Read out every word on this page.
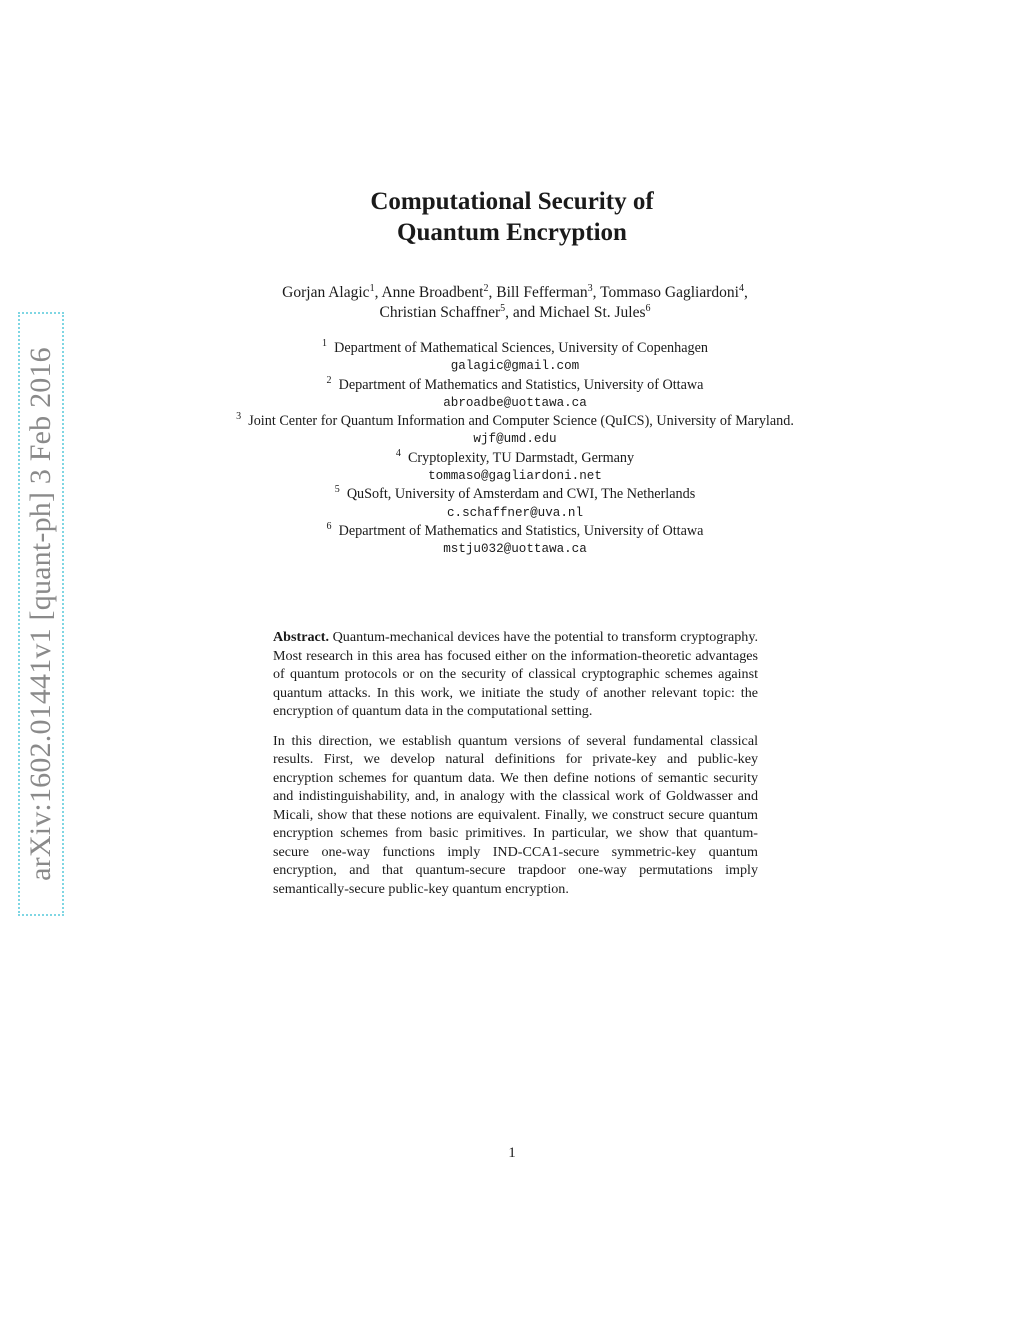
arXiv:1602.01441v1 [quant-ph] 3 Feb 2016
Computational Security of
Quantum Encryption
Gorjan Alagic$^1$, Anne Broadbent$^2$, Bill Fefferman$^3$, Tommaso Gagliardoni$^4$,
Christian Schaffner$^5$, and Michael St. Jules$^6$
$^1$ Department of Mathematical Sciences, University of Copenhagen
galagic@gmail.com
$^2$ Department of Mathematics and Statistics, University of Ottawa
abroadbe@uottawa.ca
$^3$ Joint Center for Quantum Information and Computer Science (QuICS), University of Maryland.
wjf@umd.edu
$^4$ Cryptoplexity, TU Darmstadt, Germany
tommaso@gagliardoni.net
$^5$ QuSoft, University of Amsterdam and CWI, The Netherlands
c.schaffner@uva.nl
$^6$ Department of Mathematics and Statistics, University of Ottawa
mstju032@uottawa.ca

Abstract. Quantum-mechanical devices have the potential to transform cryptography. Most research in this area has focused either on the information-theoretic advantages of quantum protocols or on the security of classical cryptographic schemes against quantum attacks. In this work, we initiate the study of another relevant topic: the encryption of quantum data in the computational setting.

In this direction, we establish quantum versions of several fundamental classical results. First, we develop natural definitions for private-key and public-key encryption schemes for quantum data. We then define notions of semantic security and indistinguishability, and, in analogy with the classical work of Goldwasser and Micali, show that these notions are equivalent. Finally, we construct secure quantum encryption schemes from basic primitives. In particular, we show that quantum-secure one-way functions imply IND-CCA1-secure symmetric-key quantum encryption, and that quantum-secure trapdoor one-way permutations imply semantically-secure public-key quantum encryption.

1
